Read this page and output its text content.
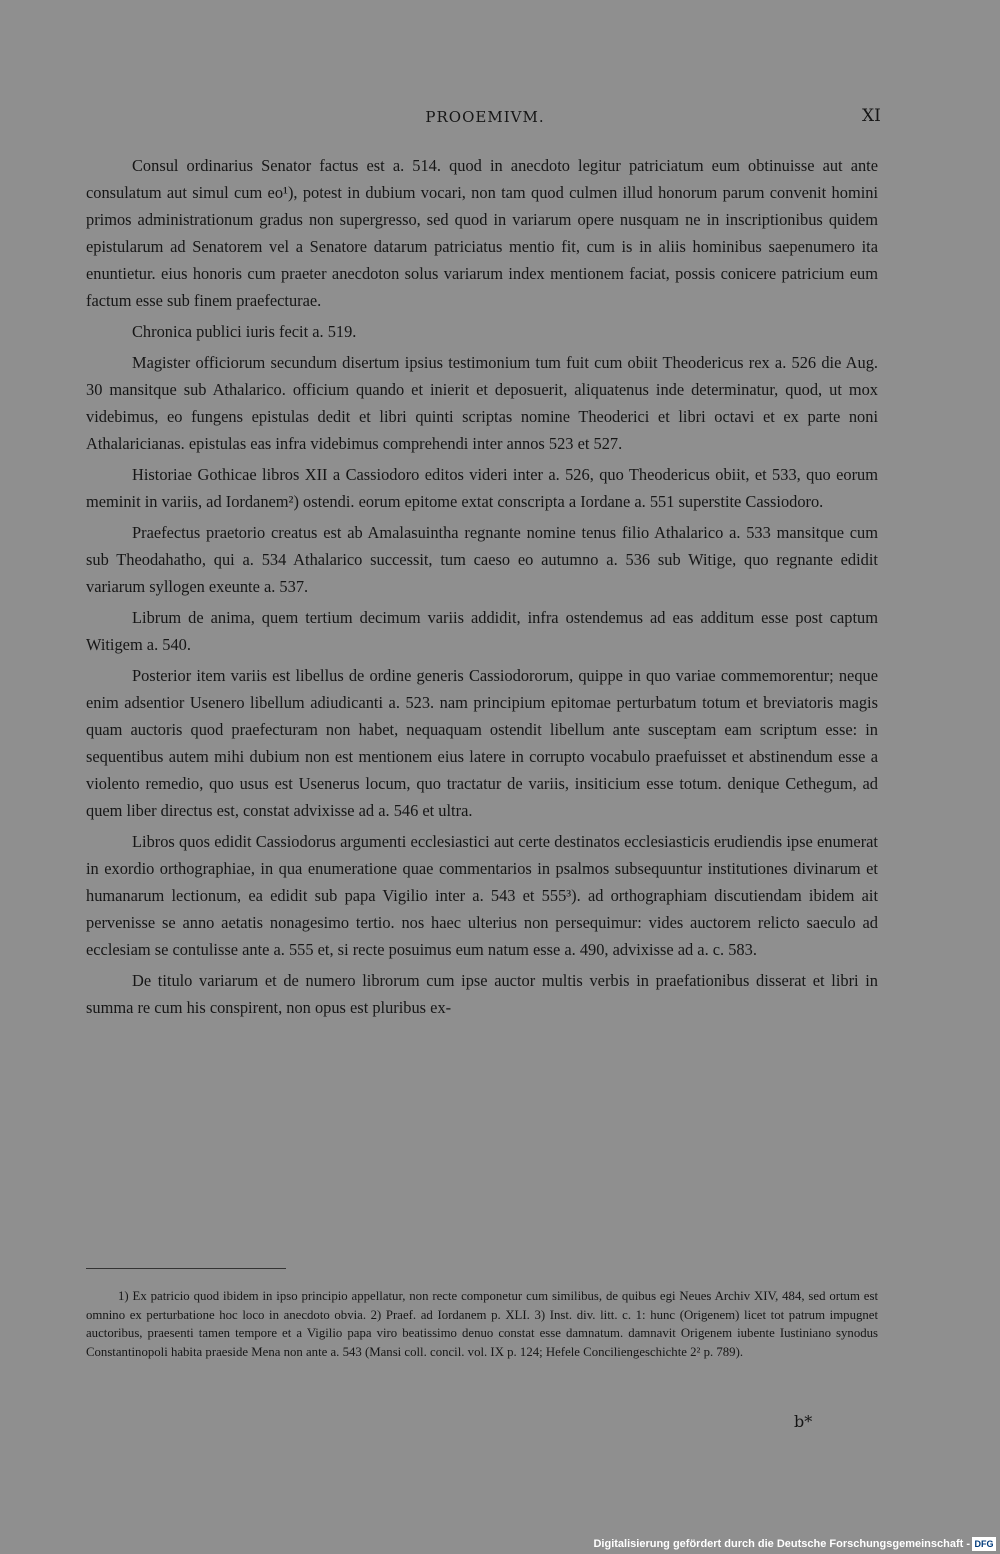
PROOEMIVM.	XI

Consul ordinarius Senator factus est a. 514. quod in anecdoto legitur patriciatum eum obtinuisse aut ante consulatum aut simul cum eo¹), potest in dubium vocari, non tam quod culmen illud honorum parum convenit homini primos administrationum gradus non supergresso, sed quod in variarum opere nusquam ne in inscriptionibus quidem epistularum ad Senatorem vel a Senatore datarum patriciatus mentio fit, cum is in aliis hominibus saepenumero ita enuntietur. eius honoris cum praeter anecdoton solus variarum index mentionem faciat, possis conicere patricium eum factum esse sub finem praefecturae.

Chronica publici iuris fecit a. 519.

Magister officiorum secundum disertum ipsius testimonium tum fuit cum obiit Theodericus rex a. 526 die Aug. 30 mansitque sub Athalarico. officium quando et inierit et deposuerit, aliquatenus inde determinatur, quod, ut mox videbimus, eo fungens epistulas dedit et libri quinti scriptas nomine Theoderici et libri octavi et ex parte noni Athalaricianas. epistulas eas infra videbimus comprehendi inter annos 523 et 527.

Historiae Gothicae libros XII a Cassiodoro editos videri inter a. 526, quo Theodericus obiit, et 533, quo eorum meminit in variis, ad Iordanem²) ostendi. eorum epitome extat conscripta a Iordane a. 551 superstite Cassiodoro.

Praefectus praetorio creatus est ab Amalasuintha regnante nomine tenus filio Athalarico a. 533 mansitque cum sub Theodahatho, qui a. 534 Athalarico successit, tum caeso eo autumno a. 536 sub Witige, quo regnante edidit variarum syllogen exeunte a. 537.

Librum de anima, quem tertium decimum variis addidit, infra ostendemus ad eas additum esse post captum Witigem a. 540.

Posterior item variis est libellus de ordine generis Cassiodororum, quippe in quo variae commemorentur; neque enim adsentior Usenero libellum adiudicanti a. 523. nam principium epitomae perturbatum totum et breviatoris magis quam auctoris quod praefecturam non habet, nequaquam ostendit libellum ante susceptam eam scriptum esse: in sequentibus autem mihi dubium non est mentionem eius latere in corrupto vocabulo praefuisset et abstinendum esse a violento remedio, quo usus est Usenerus locum, quo tractatur de variis, insiticium esse totum. denique Cethegum, ad quem liber directus est, constat advixisse ad a. 546 et ultra.

Libros quos edidit Cassiodorus argumenti ecclesiastici aut certe destinatos ecclesiasticis erudiendis ipse enumerat in exordio orthographiae, in qua enumeratione quae commentarios in psalmos subsequuntur institutiones divinarum et humanarum lectionum, ea edidit sub papa Vigilio inter a. 543 et 555³). ad orthographiam discutiendam ibidem ait pervenisse se anno aetatis nonagesimo tertio. nos haec ulterius non persequimur: vides auctorem relicto saeculo ad ecclesiam se contulisse ante a. 555 et, si recte posuimus eum natum esse a. 490, advixisse ad a. c. 583.

De titulo variarum et de numero librorum cum ipse auctor multis verbis in praefationibus disserat et libri in summa re cum his conspirent, non opus est pluribus ex-

1) Ex patricio quod ibidem in ipso principio appellatur, non recte componetur cum similibus, de quibus egi Neues Archiv XIV, 484, sed ortum est omnino ex perturbatione hoc loco in anecdoto obvia. 2) Praef. ad Iordanem p. XLI. 3) Inst. div. litt. c. 1: hunc (Origenem) licet tot patrum impugnet auctoribus, praesenti tamen tempore et a Vigilio papa viro beatissimo denuo constat esse damnatum. damnavit Origenem iubente Iustiniano synodus Constantinopoli habita praeside Mena non ante a. 543 (Mansi coll. concil. vol. IX p. 124; Hefele Conciliengeschichte 2² p. 789).

b*
Digitalisierung gefördert durch die Deutsche Forschungsgemeinschaft - DFG
